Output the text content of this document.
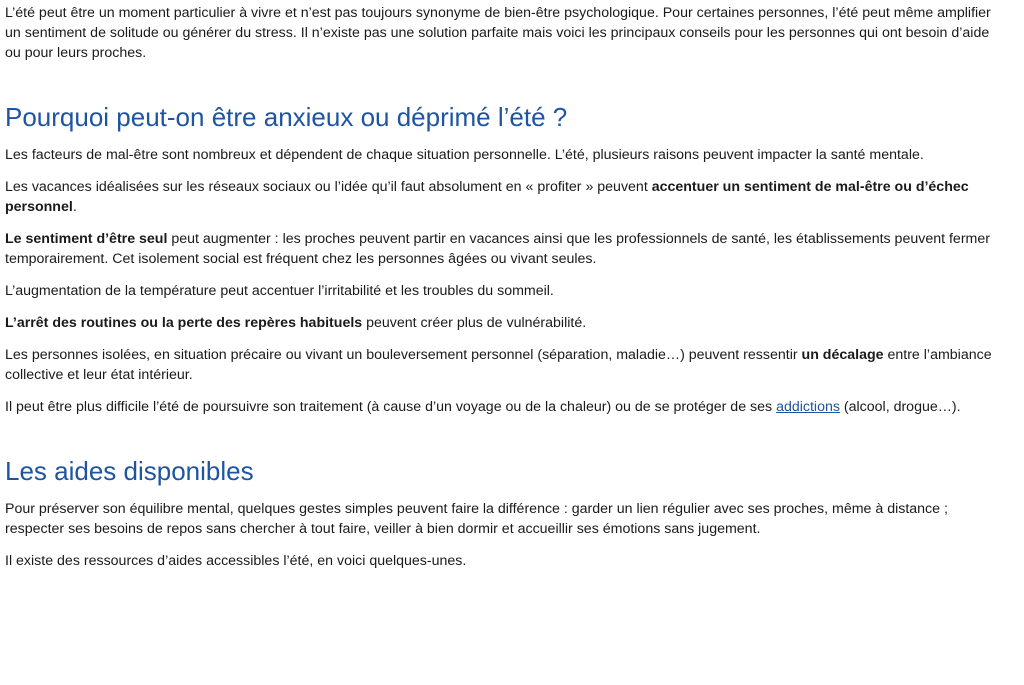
L’été peut être un moment particulier à vivre et n’est pas toujours synonyme de bien-être psychologique. Pour certaines personnes, l’été peut même amplifier un sentiment de solitude ou générer du stress. Il n’existe pas une solution parfaite mais voici les principaux conseils pour les personnes qui ont besoin d’aide ou pour leurs proches.

Pourquoi peut-on être anxieux ou déprimé l’été ?

Les facteurs de mal-être sont nombreux et dépendent de chaque situation personnelle. L’été, plusieurs raisons peuvent impacter la santé mentale.

Les vacances idéalisées sur les réseaux sociaux ou l’idée qu’il faut absolument en « profiter » peuvent accentuer un sentiment de mal-être ou d’échec personnel.

Le sentiment d’être seul peut augmenter : les proches peuvent partir en vacances ainsi que les professionnels de santé, les établissements peuvent fermer temporairement. Cet isolement social est fréquent chez les personnes âgées ou vivant seules.

L’augmentation de la température peut accentuer l’irritabilité et les troubles du sommeil.

L’arrêt des routines ou la perte des repères habituels peuvent créer plus de vulnérabilité.

Les personnes isolées, en situation précaire ou vivant un bouleversement personnel (séparation, maladie…) peuvent ressentir un décalage entre l’ambiance collective et leur état intérieur.

Il peut être plus difficile l’été de poursuivre son traitement (à cause d’un voyage ou de la chaleur) ou de se protéger de ses addictions (alcool, drogue…).

Les aides disponibles

Pour préserver son équilibre mental, quelques gestes simples peuvent faire la différence : garder un lien régulier avec ses proches, même à distance ; respecter ses besoins de repos sans chercher à tout faire, veiller à bien dormir et accueillir ses émotions sans jugement.

Il existe des ressources d’aides accessibles l’été, en voici quelques-unes.
